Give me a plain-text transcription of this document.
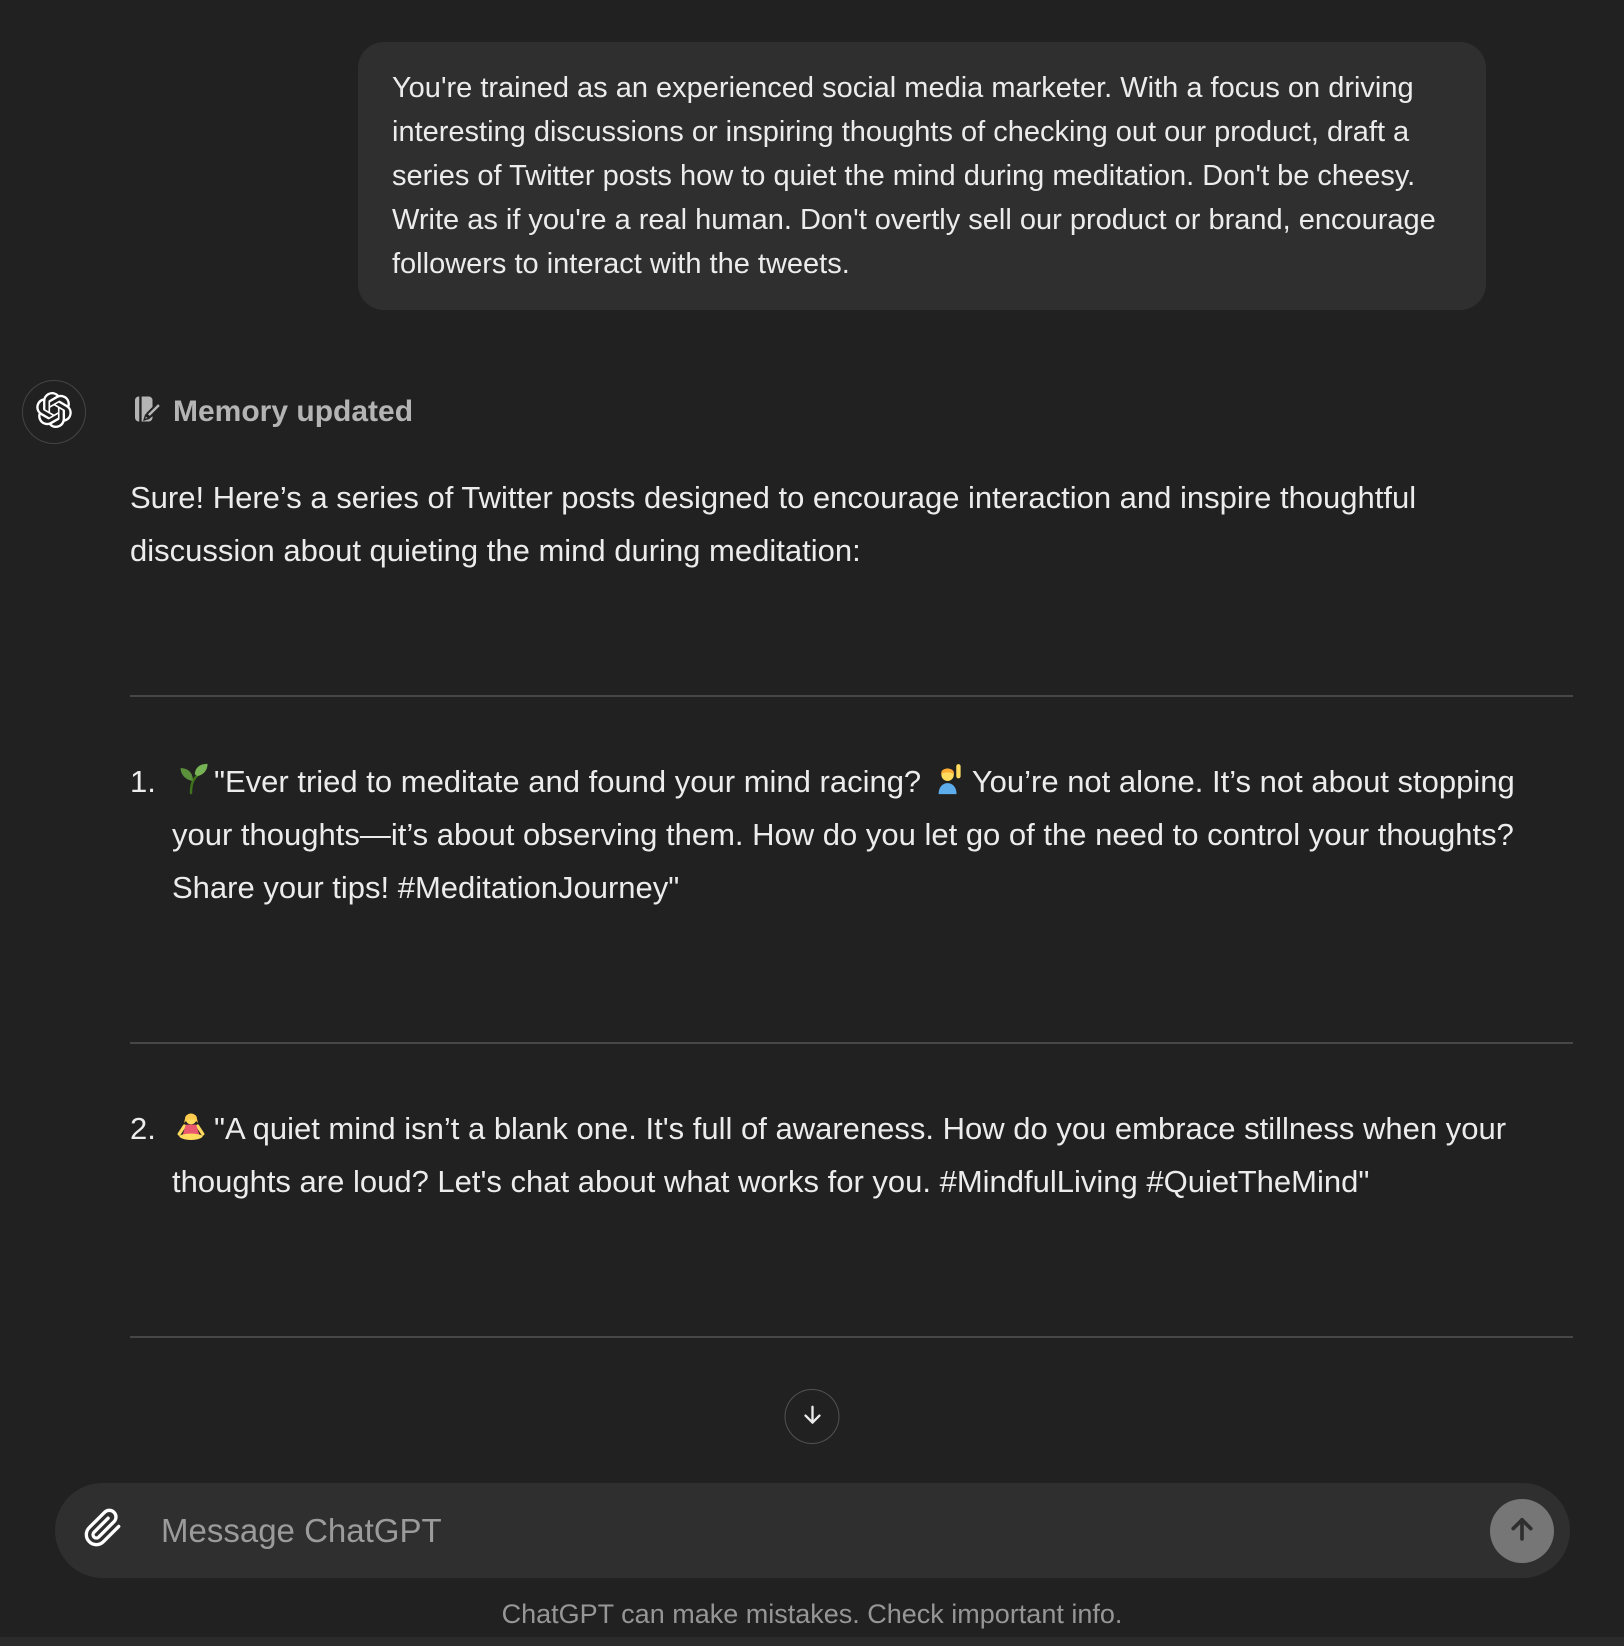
You're trained as an experienced social media marketer. With a focus on driving interesting discussions or inspiring thoughts of checking out our product, draft a series of Twitter posts how to quiet the mind during meditation. Don't be cheesy. Write as if you're a real human. Don't overtly sell our product or brand, encourage followers to interact with the tweets.
Memory updated
Sure! Here’s a series of Twitter posts designed to encourage interaction and inspire thoughtful discussion about quieting the mind during meditation:
1.	"Ever tried to meditate and found your mind racing? You’re not alone. It’s not about stopping your thoughts—it’s about observing them. How do you let go of the need to control your thoughts? Share your tips! #MeditationJourney"
2.	"A quiet mind isn’t a blank one. It's full of awareness. How do you embrace stillness when your thoughts are loud? Let's chat about what works for you. #MindfulLiving #QuietTheMind"
Message ChatGPT
ChatGPT can make mistakes. Check important info.
